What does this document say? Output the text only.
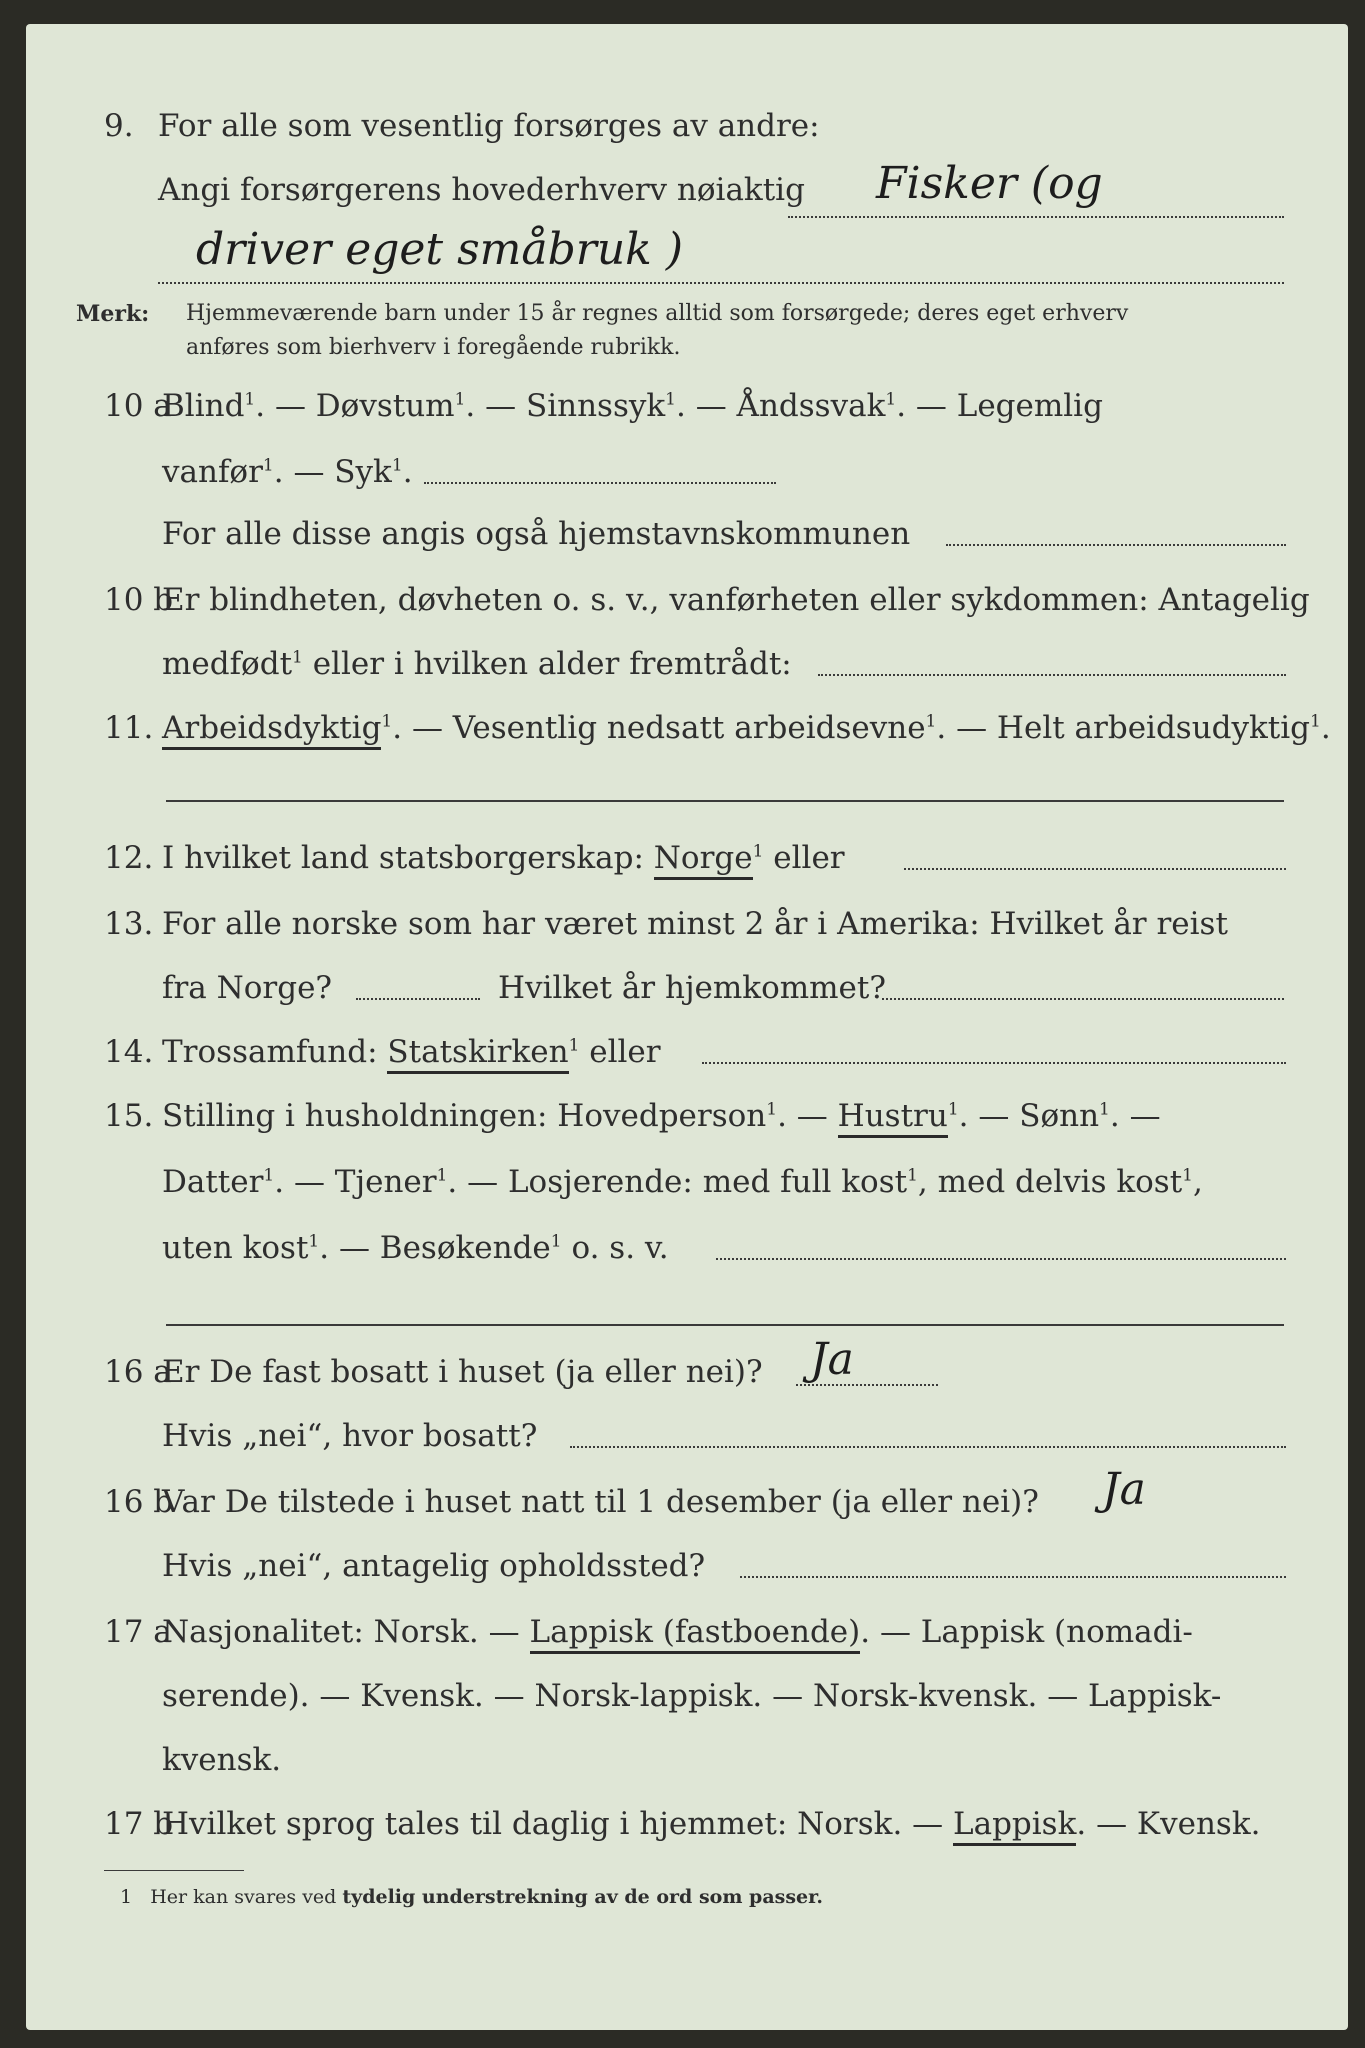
9. For alle som vesentlig forsørges av andre:
Angi forsørgerens hovederhverv nøiaktig Fisker (og
driver eget småbruk )
Merk: Hjemmeværende barn under 15 år regnes alltid som forsørgede; deres eget erhverv
anføres som bierhverv i foregående rubrikk.
10 a
Blind$^1$. — Døvstum$^1$. — Sinnssyk$^1$. — Åndssvak$^1$. — Legemlig
vanfør$^1$. — Syk$^1$.
For alle disse angis også hjemstavnskommunen
10 b
Er blindheten, døvheten o. s. v., vanførheten eller sykdommen: Antagelig
medfødt$^1$ eller i hvilken alder fremtrådt:
11. Arbeidsdyktig$^1$. — Vesentlig nedsatt arbeidsevne$^1$. — Helt arbeidsudyktig$^1$.
12. I hvilket land statsborgerskap: Norge$^1$ eller
13. For alle norske som har været minst 2 år i Amerika: Hvilket år reist
fra Norge?	Hvilket år hjemkommet?
14. Trossamfund: Statskirken$^1$ eller
15. Stilling i husholdningen: Hovedperson$^1$. — Hustru$^1$. — Sønn$^1$. —
Datter$^1$. — Tjener$^1$. — Losjerende: med full kost$^1$, med delvis kost$^1$,
uten kost$^1$. — Besøkende$^1$ o. s. v.
16 a
Er De fast bosatt i huset (ja eller nei)? Ja
Hvis „nei“, hvor bosatt?
16 b
Var De tilstede i huset natt til 1 desember (ja eller nei)? Ja
Hvis „nei“, antagelig opholdssted?
17 a
Nasjonalitet: Norsk. — Lappisk (fastboende). — Lappisk (nomadi-
serende). — Kvensk. — Norsk-lappisk. — Norsk-kvensk. — Lappisk-
kvensk.
17 b
Hvilket sprog tales til daglig i hjemmet: Norsk. — Lappisk. — Kvensk.
1 Her kan svares ved tydelig understrekning av de ord som passer.
